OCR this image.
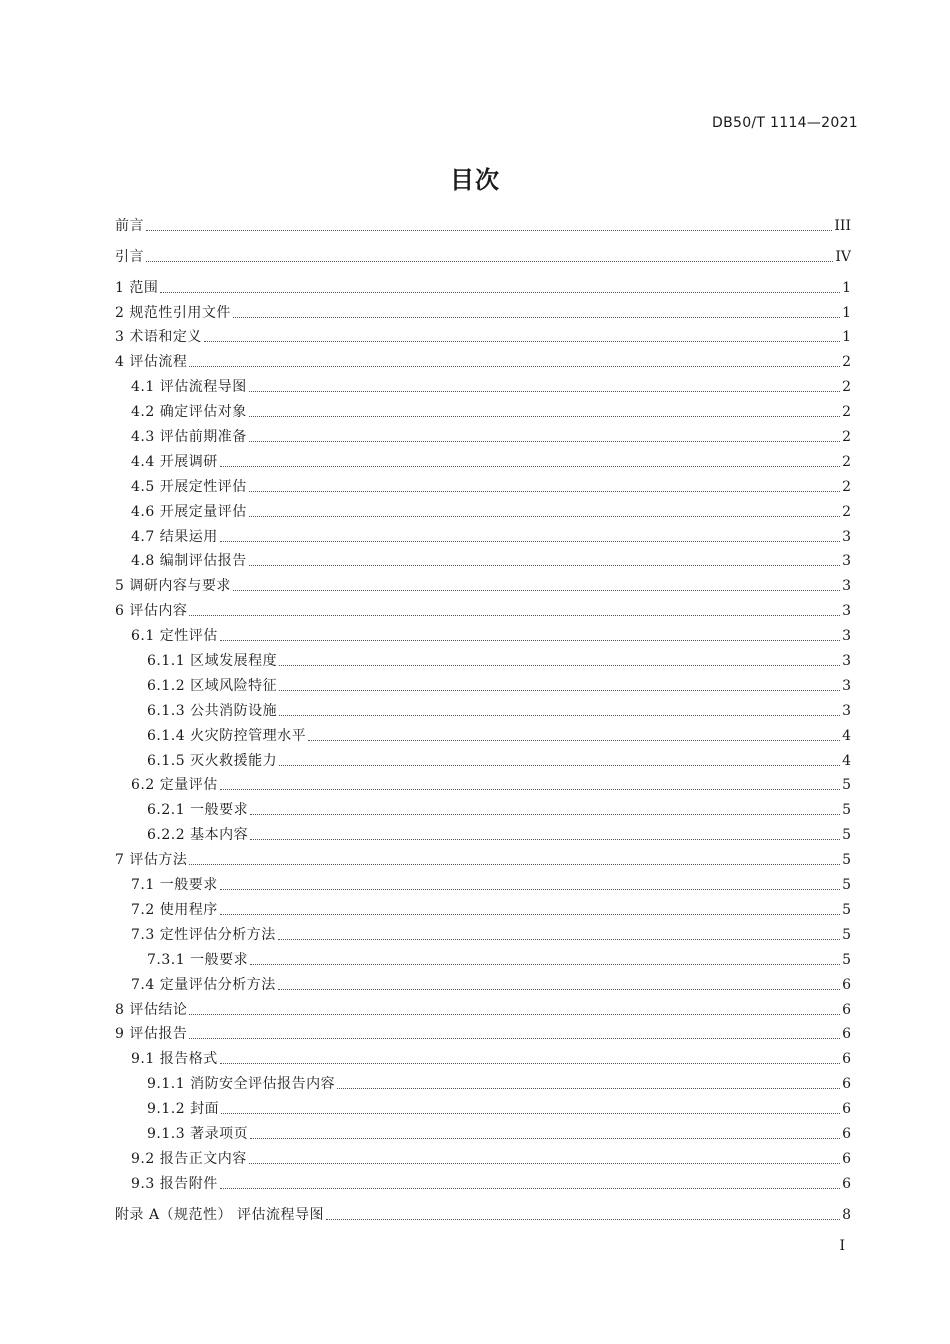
DB50/T 1114—2021
目次
前言	III
引言	IV
1 范围	1
2 规范性引用文件	1
3 术语和定义	1
4 评估流程	2
4.1 评估流程导图	2
4.2 确定评估对象	2
4.3 评估前期准备	2
4.4 开展调研	2
4.5 开展定性评估	2
4.6 开展定量评估	2
4.7 结果运用	3
4.8 编制评估报告	3
5 调研内容与要求	3
6 评估内容	3
6.1 定性评估	3
6.1.1 区域发展程度	3
6.1.2 区域风险特征	3
6.1.3 公共消防设施	3
6.1.4 火灾防控管理水平	4
6.1.5 灭火救援能力	4
6.2 定量评估	5
6.2.1 一般要求	5
6.2.2 基本内容	5
7 评估方法	5
7.1 一般要求	5
7.2 使用程序	5
7.3 定性评估分析方法	5
7.3.1 一般要求	5
7.4 定量评估分析方法	6
8 评估结论	6
9 评估报告	6
9.1 报告格式	6
9.1.1 消防安全评估报告内容	6
9.1.2 封面	6
9.1.3 著录项页	6
9.2 报告正文内容	6
9.3 报告附件	6
附录 A（规范性） 评估流程导图	8
I
